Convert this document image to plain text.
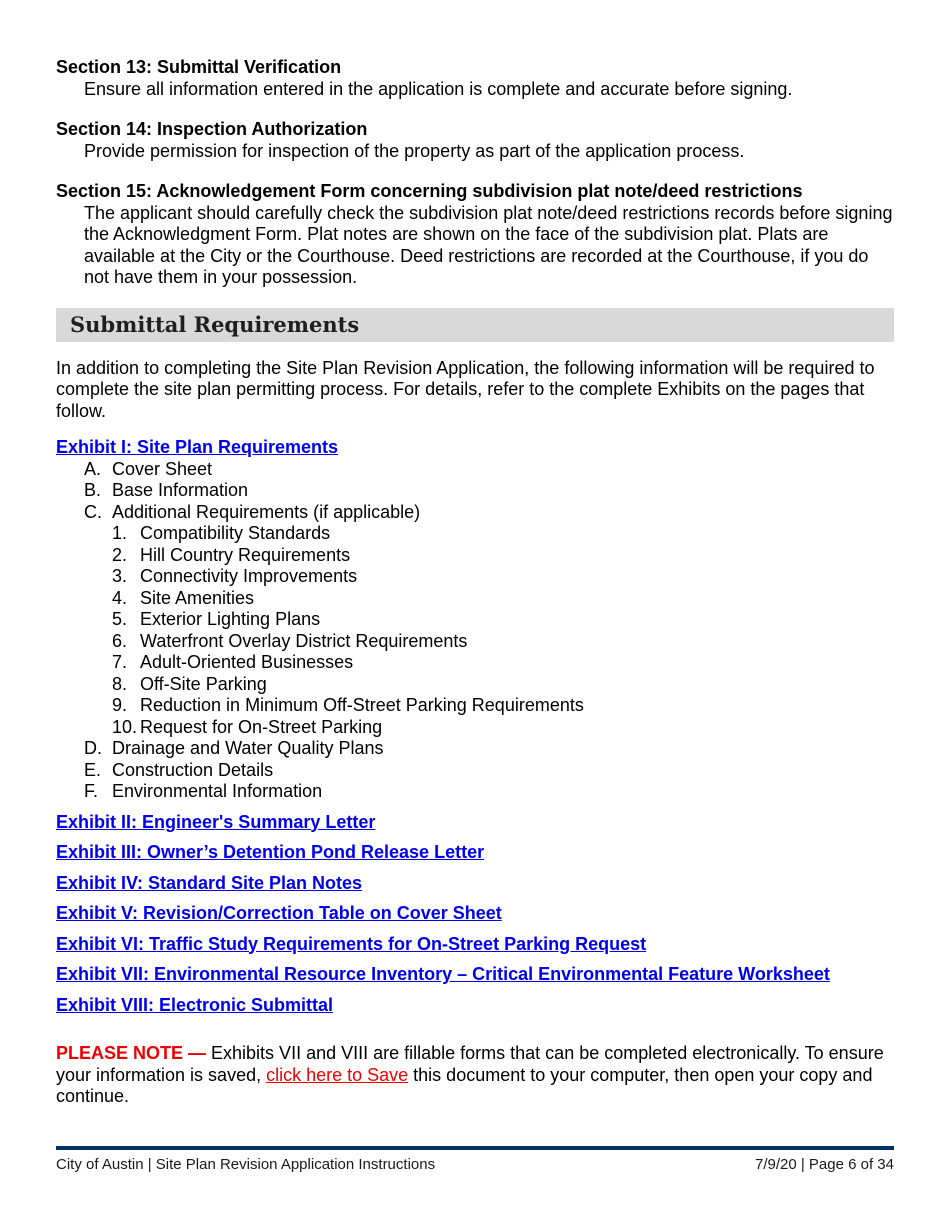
Section 13: Submittal Verification
Ensure all information entered in the application is complete and accurate before signing.
Section 14: Inspection Authorization
Provide permission for inspection of the property as part of the application process.
Section 15: Acknowledgement Form concerning subdivision plat note/deed restrictions
The applicant should carefully check the subdivision plat note/deed restrictions records before signing the Acknowledgment Form. Plat notes are shown on the face of the subdivision plat. Plats are available at the City or the Courthouse. Deed restrictions are recorded at the Courthouse, if you do not have them in your possession.
Submittal Requirements
In addition to completing the Site Plan Revision Application, the following information will be required to complete the site plan permitting process. For details, refer to the complete Exhibits on the pages that follow.
Exhibit I: Site Plan Requirements
A. Cover Sheet
B. Base Information
C. Additional Requirements (if applicable)
1. Compatibility Standards
2. Hill Country Requirements
3. Connectivity Improvements
4. Site Amenities
5. Exterior Lighting Plans
6. Waterfront Overlay District Requirements
7. Adult-Oriented Businesses
8. Off-Site Parking
9. Reduction in Minimum Off-Street Parking Requirements
10. Request for On-Street Parking
D. Drainage and Water Quality Plans
E. Construction Details
F. Environmental Information
Exhibit II: Engineer's Summary Letter
Exhibit III: Owner’s Detention Pond Release Letter
Exhibit IV: Standard Site Plan Notes
Exhibit V: Revision/Correction Table on Cover Sheet
Exhibit VI: Traffic Study Requirements for On-Street Parking Request
Exhibit VII: Environmental Resource Inventory – Critical Environmental Feature Worksheet
Exhibit VIII: Electronic Submittal
PLEASE NOTE — Exhibits VII and VIII are fillable forms that can be completed electronically. To ensure your information is saved, click here to Save this document to your computer, then open your copy and continue.
City of Austin | Site Plan Revision Application Instructions	7/9/20 | Page 6 of 34
